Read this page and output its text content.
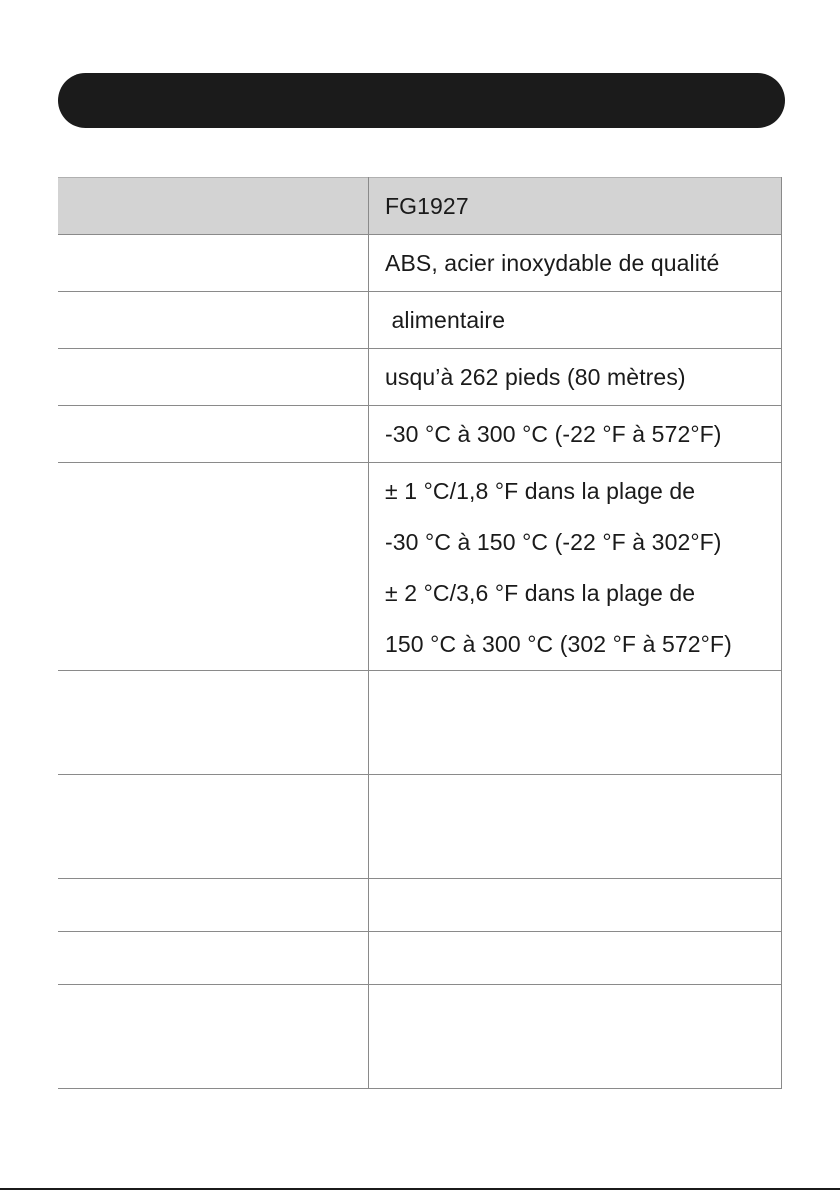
	FG1927
	ABS, acier inoxydable de qualité
	alimentaire
	usqu’à 262 pieds (80 mètres)
	-30 °C à 300 °C (-22 °F à 572°F)

	± 1 °C/1,8 °F dans la plage de
-30 °C à 150 °C (-22 °F à 302°F)
± 2 °C/3,6 °F dans la plage de
150 °C à 300 °C (302 °F à 572°F)
